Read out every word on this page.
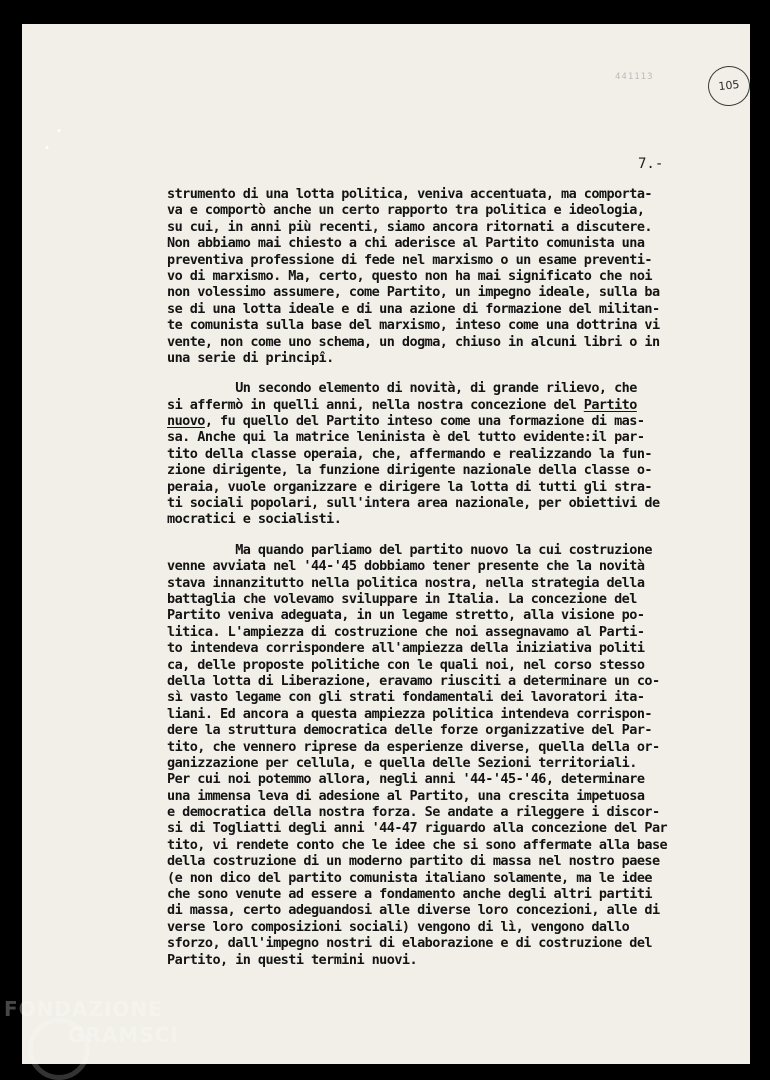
441113
105
7.-
strumento di una lotta politica, veniva accentuata, ma comporta-
va e comportò anche un certo rapporto tra politica e ideologia,
su cui, in anni più recenti, siamo ancora ritornati a discutere.
Non abbiamo mai chiesto a chi aderisce al Partito comunista una
preventiva professione di fede nel marxismo o un esame preventi-
vo di marxismo. Ma, certo, questo non ha mai significato che noi
non volessimo assumere, come Partito, un impegno ideale, sulla ba
se di una lotta ideale e di una azione di formazione del militan-
te comunista sulla base del marxismo, inteso come una dottrina vi
vente, non come uno schema, un dogma, chiuso in alcuni libri o in
una serie di principî.
Un secondo elemento di novità, di grande rilievo, che
si affermò in quelli anni, nella nostra concezione del Partito
nuovo, fu quello del Partito inteso come una formazione di mas-
sa. Anche qui la matrice leninista è del tutto evidente:il par-
tito della classe operaia, che, affermando e realizzando la fun-
zione dirigente, la funzione dirigente nazionale della classe o-
peraia, vuole organizzare e dirigere la lotta di tutti gli stra-
ti sociali popolari, sull'intera area nazionale, per obiettivi de
mocratici e socialisti.
Ma quando parliamo del partito nuovo la cui costruzione
venne avviata nel '44-'45 dobbiamo tener presente che la novità
stava innanzitutto nella politica nostra, nella strategia della
battaglia che volevamo sviluppare in Italia. La concezione del
Partito veniva adeguata, in un legame stretto, alla visione po-
litica. L'ampiezza di costruzione che noi assegnavamo al Parti-
to intendeva corrispondere all'ampiezza della iniziativa politi
ca, delle proposte politiche con le quali noi, nel corso stesso
della lotta di Liberazione, eravamo riusciti a determinare un co-
sì vasto legame con gli strati fondamentali dei lavoratori ita-
liani. Ed ancora a questa ampiezza politica intendeva corrispon-
dere la struttura democratica delle forze organizzative del Par-
tito, che vennero riprese da esperienze diverse, quella della or-
ganizzazione per cellula, e quella delle Sezioni territoriali.
Per cui noi potemmo allora, negli anni '44-'45-'46, determinare
una immensa leva di adesione al Partito, una crescita impetuosa
e democratica della nostra forza. Se andate a rileggere i discor-
si di Togliatti degli anni '44-47 riguardo alla concezione del Par
tito, vi rendete conto che le idee che si sono affermate alla base
della costruzione di un moderno partito di massa nel nostro paese
(e non dico del partito comunista italiano solamente, ma le idee
che sono venute ad essere a fondamento anche degli altri partiti
di massa, certo adeguandosi alle diverse loro concezioni, alle di
verse loro composizioni sociali) vengono di lì, vengono dallo
sforzo, dall'impegno nostri di elaborazione e di costruzione del
Partito, in questi termini nuovi.
•
•
FONDAZIONE
GRAMSCI
